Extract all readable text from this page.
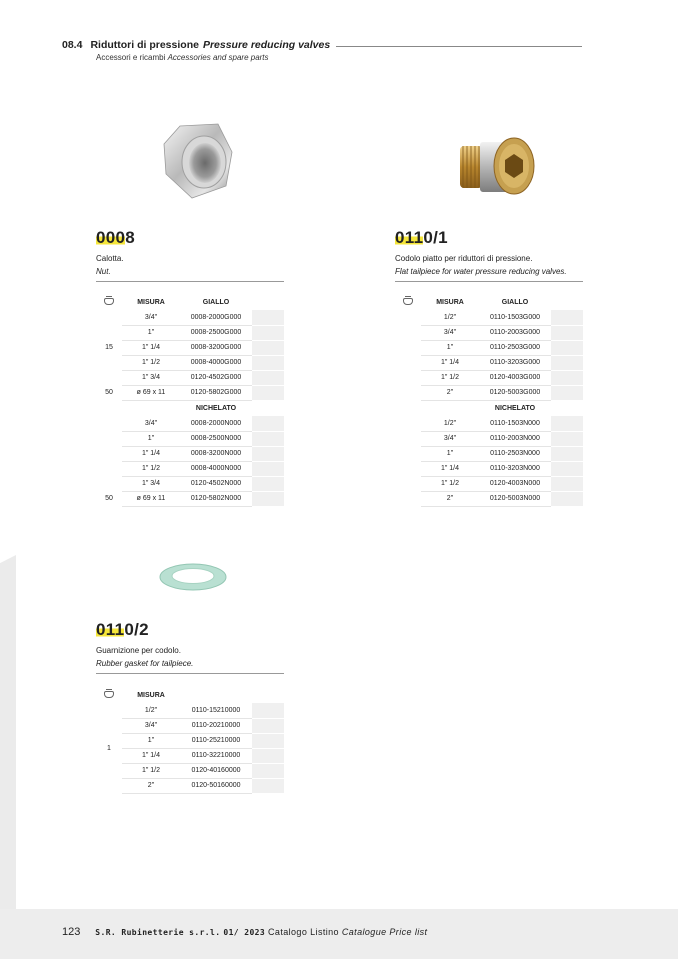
08.4 Riduttori di pressione Pressure reducing valves
Accessori e ricambi Accessories and spare parts
0008
Calotta.
Nut.
	MISURA	GIALLO	
	3/4"	0008-2000G000	
	1"	0008-2500G000	
15	1" 1/4	0008-3200G000	
	1" 1/2	0008-4000G000	
	1" 3/4	0120-4502G000	
50	ø 69 x 11	0120-5802G000	
		NICHELATO	
	3/4"	0008-2000N000	
	1"	0008-2500N000	
	1" 1/4	0008-3200N000	
	1" 1/2	0008-4000N000	
	1" 3/4	0120-4502N000	
50	ø 69 x 11	0120-5802N000	
0110/1
Codolo piatto per riduttori di pressione.
Flat tailpiece for water pressure reducing valves.
	MISURA	GIALLO	
	1/2"	0110-1503G000	
	3/4"	0110-2003G000	
	1"	0110-2503G000	
	1" 1/4	0110-3203G000	
	1" 1/2	0120-4003G000	
	2"	0120-5003G000	
		NICHELATO	
	1/2"	0110-1503N000	
	3/4"	0110-2003N000	
	1"	0110-2503N000	
	1" 1/4	0110-3203N000	
	1" 1/2	0120-4003N000	
	2"	0120-5003N000	
0110/2
Guarnizione per codolo.
Rubber gasket for tailpiece.
	MISURA		
1	1/2"	0110-15210000	
	3/4"	0110-20210000	
	1"	0110-25210000	
	1" 1/4	0110-32210000	
	1" 1/2	0120-40160000	
	2"	0120-50160000	
123 S.R. Rubinetterie s.r.l. 01/ 2023 Catalogo Listino Catalogue Price list
